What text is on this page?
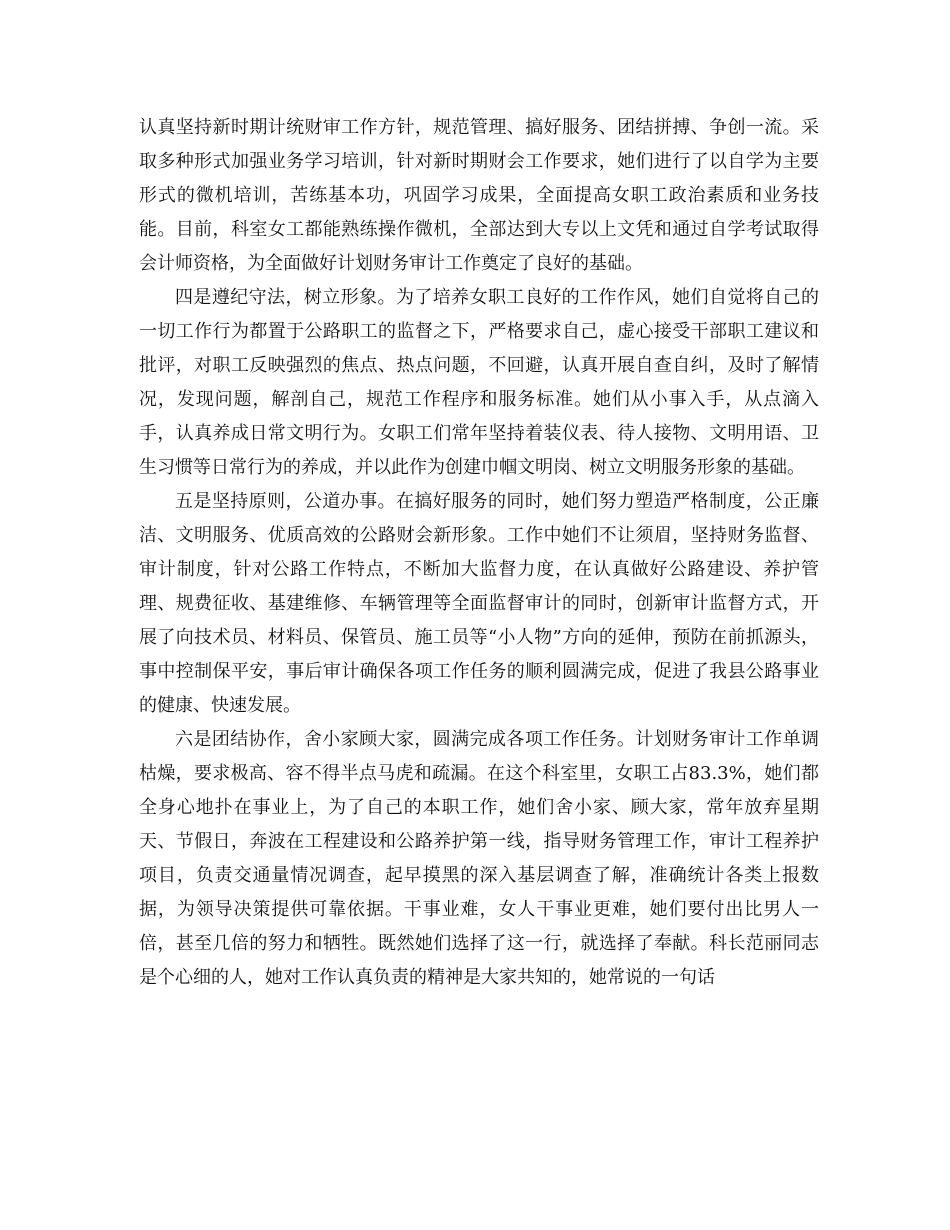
认真坚持新时期计统财审工作方针，规范管理、搞好服务、团结拼搏、争创一流。采取多种形式加强业务学习培训，针对新时期财会工作要求，她们进行了以自学为主要形式的微机培训，苦练基本功，巩固学习成果，全面提高女职工政治素质和业务技能。目前，科室女工都能熟练操作微机，全部达到大专以上文凭和通过自学考试取得会计师资格，为全面做好计划财务审计工作奠定了良好的基础。

四是遵纪守法，树立形象。为了培养女职工良好的工作作风，她们自觉将自己的一切工作行为都置于公路职工的监督之下，严格要求自己，虚心接受干部职工建议和批评，对职工反映强烈的焦点、热点问题，不回避，认真开展自查自纠，及时了解情况，发现问题，解剖自己，规范工作程序和服务标准。她们从小事入手，从点滴入手，认真养成日常文明行为。女职工们常年坚持着装仪表、待人接物、文明用语、卫生习惯等日常行为的养成，并以此作为创建巾帼文明岗、树立文明服务形象的基础。

五是坚持原则，公道办事。在搞好服务的同时，她们努力塑造严格制度，公正廉洁、文明服务、优质高效的公路财会新形象。工作中她们不让须眉，坚持财务监督、审计制度，针对公路工作特点，不断加大监督力度，在认真做好公路建设、养护管理、规费征收、基建维修、车辆管理等全面监督审计的同时，创新审计监督方式，开展了向技术员、材料员、保管员、施工员等“小人物”方向的延伸，预防在前抓源头，事中控制保平安，事后审计确保各项工作任务的顺利圆满完成，促进了我县公路事业的健康、快速发展。

六是团结协作，舍小家顾大家，圆满完成各项工作任务。计划财务审计工作单调枯燥，要求极高、容不得半点马虎和疏漏。在这个科室里，女职工占83.3%，她们都全身心地扑在事业上，为了自己的本职工作，她们舍小家、顾大家，常年放弃星期天、节假日，奔波在工程建设和公路养护第一线，指导财务管理工作，审计工程养护项目，负责交通量情况调查，起早摸黑的深入基层调查了解，准确统计各类上报数据，为领导决策提供可靠依据。干事业难，女人干事业更难，她们要付出比男人一倍，甚至几倍的努力和牺牲。既然她们选择了这一行，就选择了奉献。科长范丽同志是个心细的人，她对工作认真负责的精神是大家共知的，她常说的一句话
